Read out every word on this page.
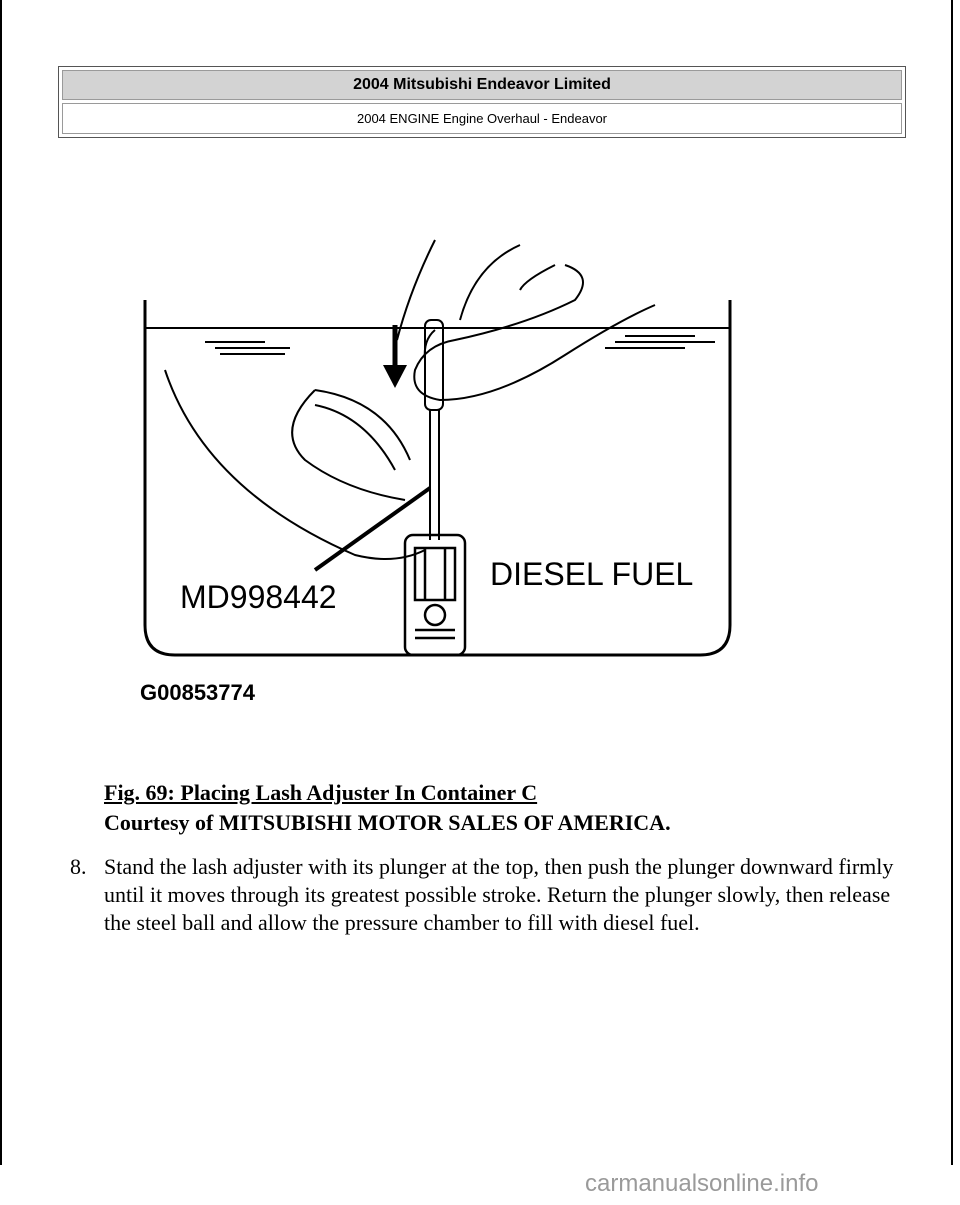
2004 Mitsubishi Endeavor Limited
2004 ENGINE Engine Overhaul - Endeavor
MD998442
DIESEL FUEL
G00853774
Fig. 69: Placing Lash Adjuster In Container C
Courtesy of MITSUBISHI MOTOR SALES OF AMERICA.
8. Stand the lash adjuster with its plunger at the top, then push the plunger downward firmly until it moves through its greatest possible stroke. Return the plunger slowly, then release the steel ball and allow the pressure chamber to fill with diesel fuel.
carmanualsonline.info
